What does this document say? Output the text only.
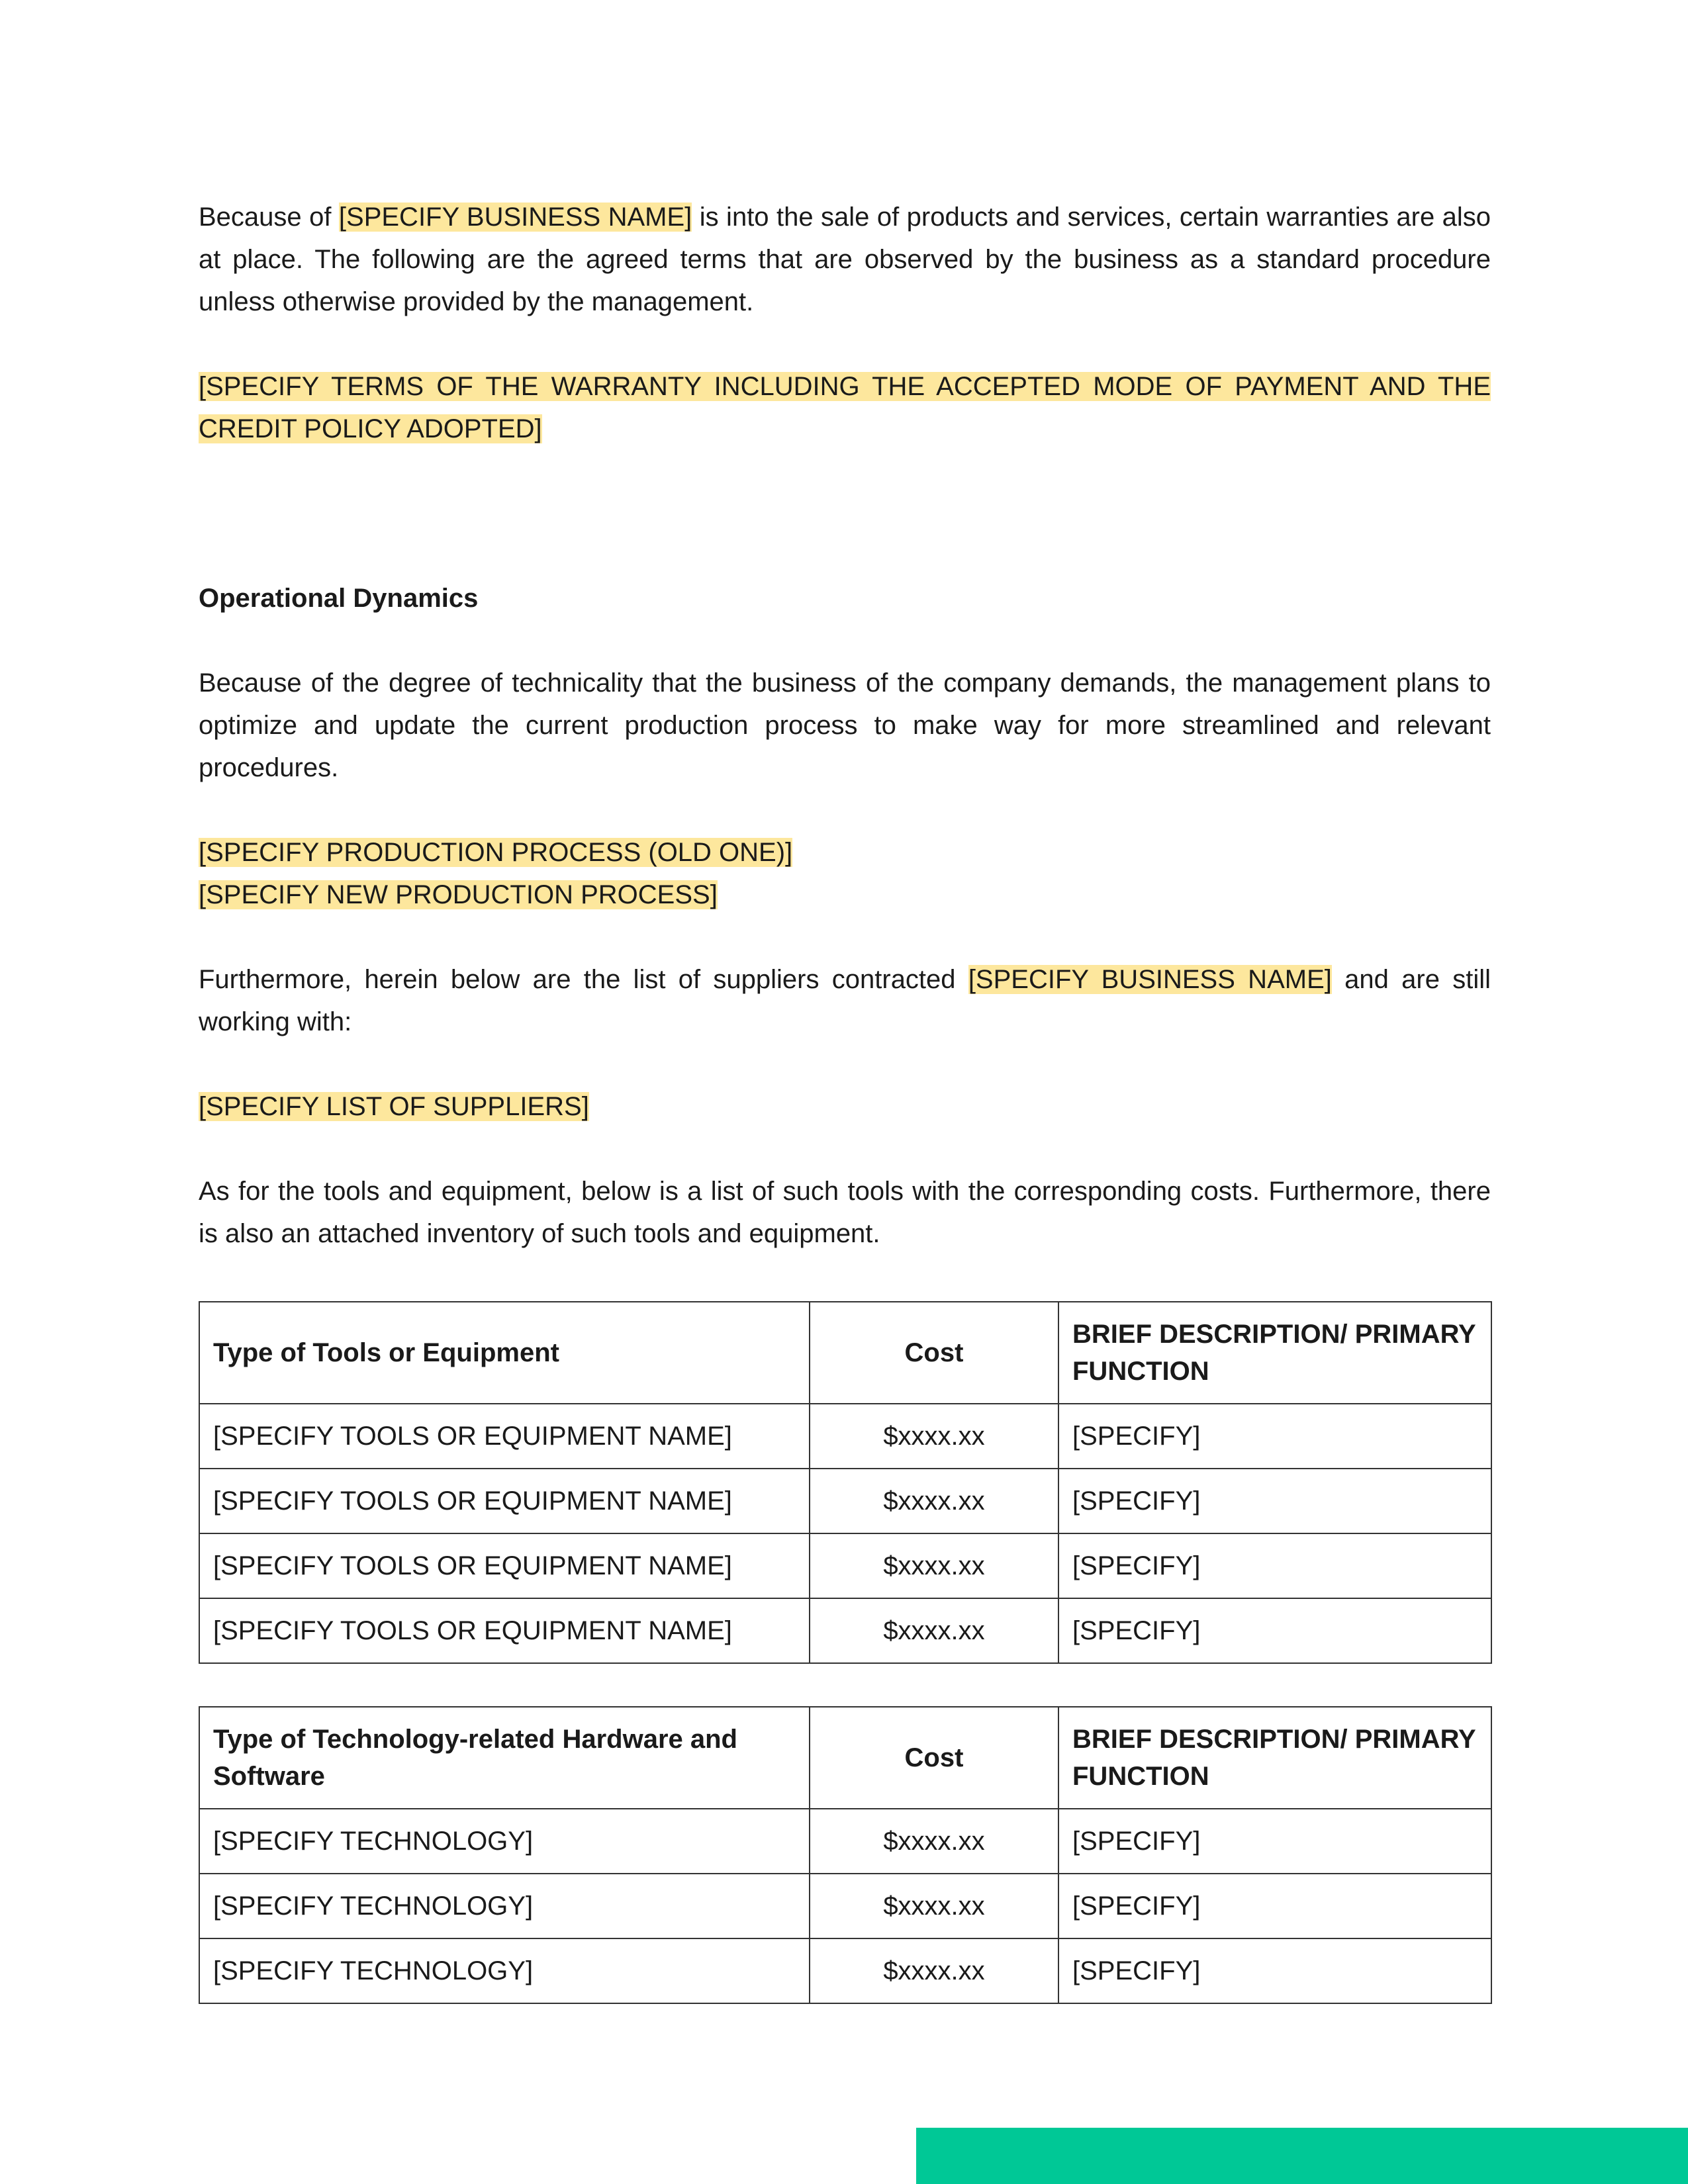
Because of [SPECIFY BUSINESS NAME] is into the sale of products and services, certain warranties are also at place. The following are the agreed terms that are observed by the business as a standard procedure unless otherwise provided by the management.

[SPECIFY TERMS OF THE WARRANTY INCLUDING THE ACCEPTED MODE OF PAYMENT AND THE CREDIT POLICY ADOPTED]

Operational Dynamics

Because of the degree of technicality that the business of the company demands, the management plans to optimize and update the current production process to make way for more streamlined and relevant procedures.

[SPECIFY PRODUCTION PROCESS (OLD ONE)]

[SPECIFY NEW PRODUCTION PROCESS]

Furthermore, herein below are the list of suppliers contracted [SPECIFY BUSINESS NAME] and are still working with:

[SPECIFY LIST OF SUPPLIERS]

As for the tools and equipment, below is a list of such tools with the corresponding costs. Furthermore, there is also an attached inventory of such tools and equipment.

Type of Tools or Equipment	Cost	BRIEF DESCRIPTION/ PRIMARY FUNCTION
[SPECIFY TOOLS OR EQUIPMENT NAME]	$xxxx.xx	[SPECIFY]
[SPECIFY TOOLS OR EQUIPMENT NAME]	$xxxx.xx	[SPECIFY]
[SPECIFY TOOLS OR EQUIPMENT NAME]	$xxxx.xx	[SPECIFY]
[SPECIFY TOOLS OR EQUIPMENT NAME]	$xxxx.xx	[SPECIFY]
Type of Technology-related Hardware and Software	Cost	BRIEF DESCRIPTION/ PRIMARY FUNCTION
[SPECIFY TECHNOLOGY]	$xxxx.xx	[SPECIFY]
[SPECIFY TECHNOLOGY]	$xxxx.xx	[SPECIFY]
[SPECIFY TECHNOLOGY]	$xxxx.xx	[SPECIFY]
